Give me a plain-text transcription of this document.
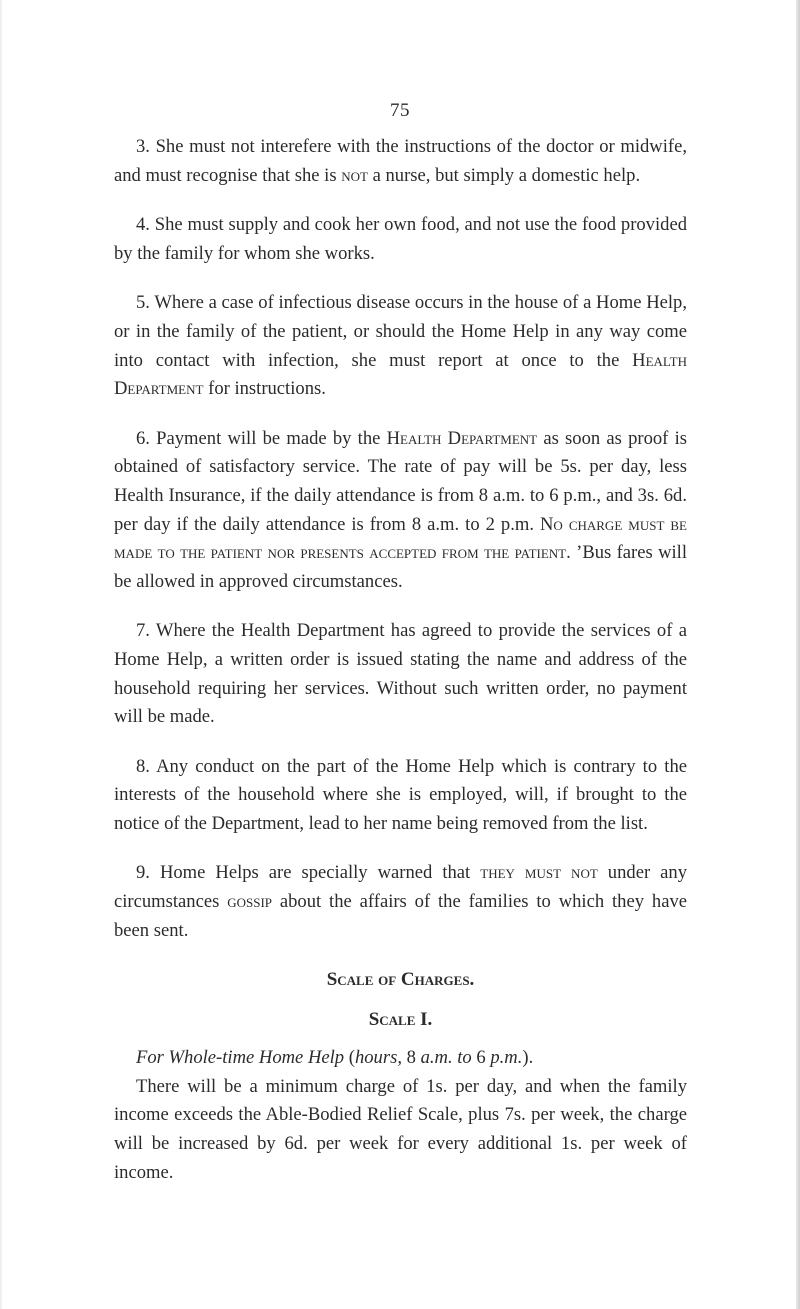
75

3. She must not interefere with the instructions of the doctor or midwife, and must recognise that she is not a nurse, but simply a domestic help.

4. She must supply and cook her own food, and not use the food provided by the family for whom she works.

5. Where a case of infectious disease occurs in the house of a Home Help, or in the family of the patient, or should the Home Help in any way come into contact with infection, she must report at once to the Health Department for instructions.

6. Payment will be made by the Health Department as soon as proof is obtained of satisfactory service. The rate of pay will be 5s. per day, less Health Insurance, if the daily attendance is from 8 a.m. to 6 p.m., and 3s. 6d. per day if the daily attendance is from 8 a.m. to 2 p.m. No charge must be made to the patient nor presents accepted from the patient. ’Bus fares will be allowed in approved circumstances.

7. Where the Health Department has agreed to provide the services of a Home Help, a written order is issued stating the name and address of the household requiring her services. Without such written order, no payment will be made.

8. Any conduct on the part of the Home Help which is contrary to the interests of the household where she is employed, will, if brought to the notice of the Department, lead to her name being removed from the list.

9. Home Helps are specially warned that they must not under any circumstances gossip about the affairs of the families to which they have been sent.

Scale of Charges.
Scale I.

For Whole-time Home Help (hours, 8 a.m. to 6 p.m.).

There will be a minimum charge of 1s. per day, and when the family income exceeds the Able-Bodied Relief Scale, plus 7s. per week, the charge will be increased by 6d. per week for every additional 1s. per week of income.
